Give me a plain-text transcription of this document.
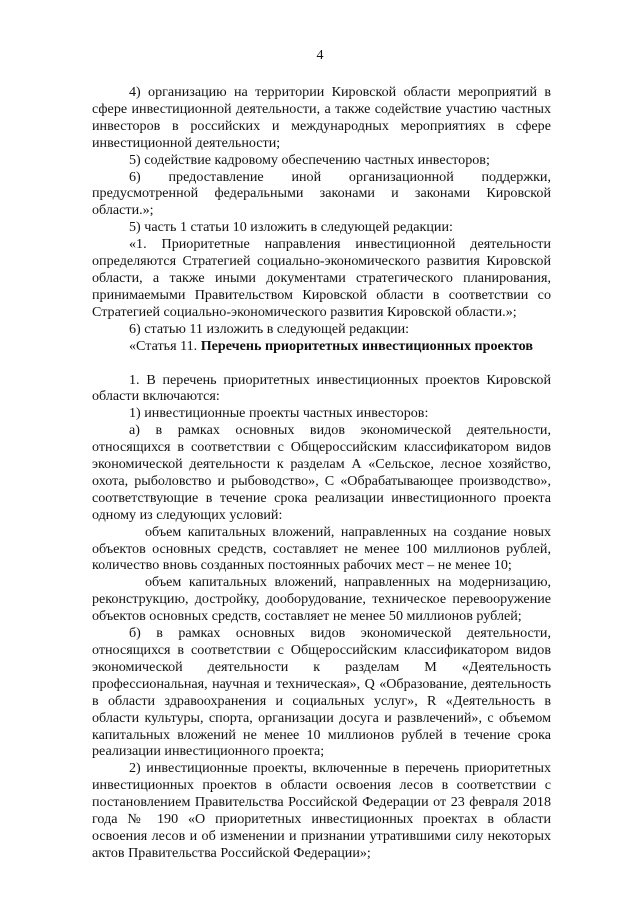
4

4) организацию на территории Кировской области мероприятий в сфере инвестиционной деятельности, а также содействие участию частных инвесторов в российских и международных мероприятиях в сфере инвестиционной деятельности;

5) содействие кадровому обеспечению частных инвесторов;

6) предоставление иной организационной поддержки, предусмотренной федеральными законами и законами Кировской области.»;

5) часть 1 статьи 10 изложить в следующей редакции:

«1. Приоритетные направления инвестиционной деятельности определяются Стратегией социально-экономического развития Кировской области, а также иными документами стратегического планирования, принимаемыми Правительством Кировской области в соответствии со Стратегией социально-экономического развития Кировской области.»;

6) статью 11 изложить в следующей редакции:

«Статья 11. Перечень приоритетных инвестиционных проектов

1. В перечень приоритетных инвестиционных проектов Кировской области включаются:

1) инвестиционные проекты частных инвесторов:

а) в рамках основных видов экономической деятельности, относящихся в соответствии с Общероссийским классификатором видов экономической деятельности к разделам А «Сельское, лесное хозяйство, охота, рыболовство и рыбоводство», С «Обрабатывающее производство», соответствующие в течение срока реализации инвестиционного проекта одному из следующих условий:

объем капитальных вложений, направленных на создание новых объектов основных средств, составляет не менее 100 миллионов рублей, количество вновь созданных постоянных рабочих мест – не менее 10;

объем капитальных вложений, направленных на модернизацию, реконструкцию, достройку, дооборудование, техническое перевооружение объектов основных средств, составляет не менее 50 миллионов рублей;

б) в рамках основных видов экономической деятельности, относящихся в соответствии с Общероссийским классификатором видов экономической деятельности к разделам М «Деятельность профессиональная, научная и техническая», Q «Образование, деятельность в области здравоохранения и социальных услуг», R «Деятельность в области культуры, спорта, организации досуга и развлечений», с объемом капитальных вложений не менее 10 миллионов рублей в течение срока реализации инвестиционного проекта;

2) инвестиционные проекты, включенные в перечень приоритетных инвестиционных проектов в области освоения лесов в соответствии с постановлением Правительства Российской Федерации от 23 февраля 2018 года № 190 «О приоритетных инвестиционных проектах в области освоения лесов и об изменении и признании утратившими силу некоторых актов Правительства Российской Федерации»;
